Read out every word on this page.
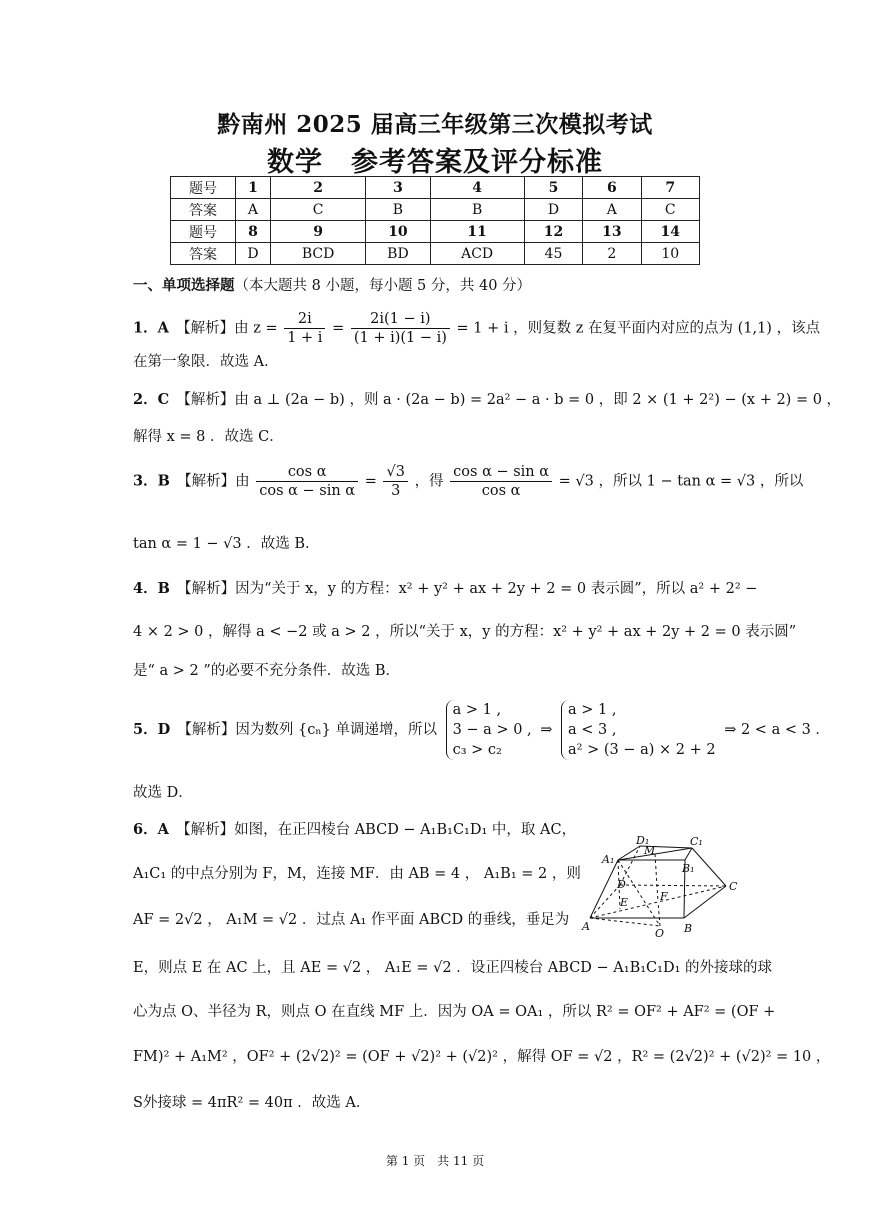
黔南州 2025 届高三年级第三次模拟考试
数学　参考答案及评分标准
题号	1	2	3	4	5	6	7
答案	A	C	B	B	D	A	C
题号	8	9	10	11	12	13	14
答案	D	BCD	BD	ACD	45	2	10
一、单项选择题（本大题共 8 小题，每小题 5 分，共 40 分）
1．A　 【解析】由 $z = \frac{2i}{1 + i} = \frac{2i(1 - i)}{(1 + i)(1 - i)} = 1 + i$ ，则复数 z 在复平面内对应的点为 (1,1) ，该点
在第一象限．故选 A．
2．C　 【解析】由 a ⊥ (2a − b) ，则 a · (2a − b) = 2a² − a · b = 0 ，即 2 × (1 + 2²) − (x + 2) = 0 ，
解得 x = 8 ．故选 C．
3．B　 【解析】由 $\frac{\text{cos α}}{\text{cos α − sin α}} = \frac{√3}{3}$ ，得 $\frac{\text{cos α − sin α}}{\text{cos α}} = √3$ ，所以 1 − tan α = √3 ，所以
tan α = 1 − √3 ．故选 B．
4．B　 【解析】因为“关于 x，y 的方程：x² + y² + ax + 2y + 2 = 0 表示圆”，所以 a² + 2² −
4 × 2 > 0 ，解得 a < −2 或 a > 2 ，所以“关于 x，y 的方程：x² + y² + ax + 2y + 2 = 0 表示圆”
是“ a > 2 ”的必要不充分条件．故选 B．
5．D　 【解析】因为数列 {cₙ} 单调递增，所以 a > 1 ,
3 − a > 0 ,
c₃ > c₂ ⇒ a > 1 ,
a < 3 ,
a² > (3 − a) × 2 + 2 ⇒ 2 < a < 3 ．
故选 D．
6．A　 【解析】如图，在正四棱台 ABCD − A₁B₁C₁D₁ 中，取 AC，
A₁C₁ 的中点分别为 F，M，连接 MF．由 AB = 4 ， A₁B₁ = 2 ，则
AF = 2√2 ， A₁M = √2 ．过点 A₁ 作平面 ABCD 的垂线，垂足为
E，则点 E 在 AC 上，且 AE = √2 ， A₁E = √2 ．设正四棱台 ABCD − A₁B₁C₁D₁ 的外接球的球
心为点 O、半径为 R，则点 O 在直线 MF 上．因为 OA = OA₁ ，所以 R² = OF² + AF² = (OF +
FM)² + A₁M² ，OF² + (2√2)² = (OF + √2)² + (√2)² ，解得 OF = √2 ，R² = (2√2)² + (√2)² = 10 ，
S外接球 = 4πR² = 40π ．故选 A．
A	B
C
D
A₁
B₁
C₁
D₁
M
F
E
O
第 1 页　共 11 页
